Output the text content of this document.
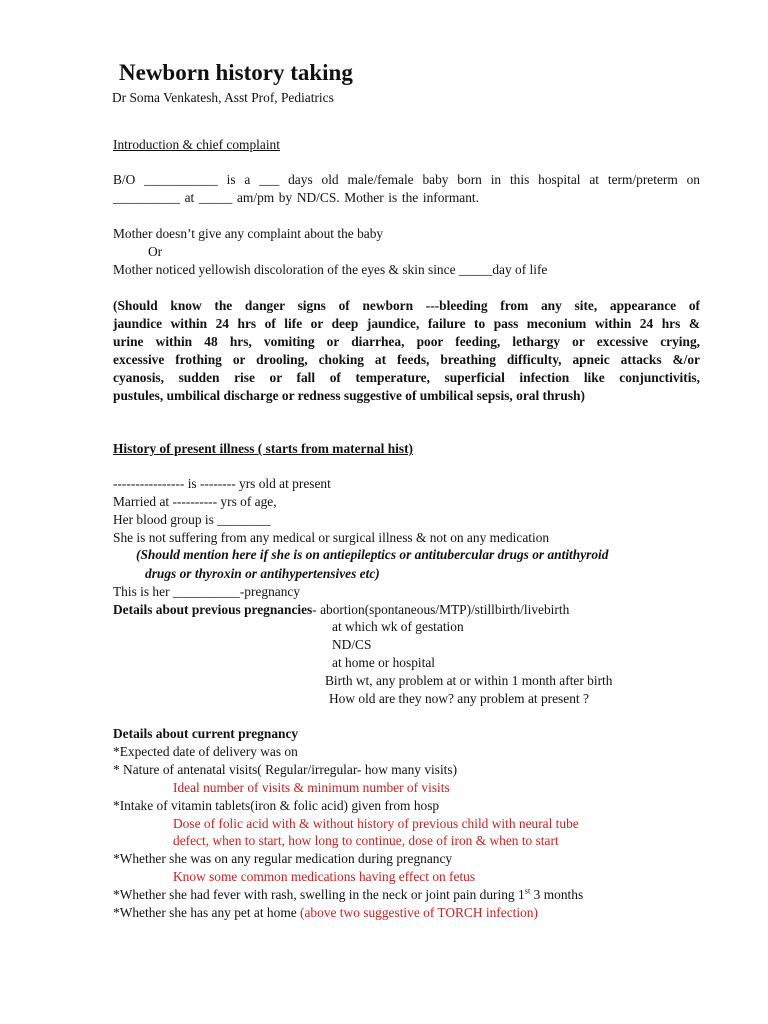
Newborn history taking
Dr Soma Venkatesh, Asst Prof, Pediatrics
Introduction & chief complaint
B/O ___________ is a ___ days old male/female baby born in this hospital at term/preterm on
__________ at _____ am/pm by ND/CS. Mother is the informant.
Mother doesn’t give any complaint about the baby
Or
Mother noticed yellowish discoloration of the eyes & skin since _____day of life
(Should know the danger signs of newborn ---bleeding from any site, appearance of
jaundice within 24 hrs of life or deep jaundice, failure to pass meconium within 24 hrs &
urine within 48 hrs, vomiting or diarrhea, poor feeding, lethargy or excessive crying,
excessive frothing or drooling, choking at feeds, breathing difficulty, apneic attacks &/or
cyanosis, sudden rise or fall of temperature, superficial infection like conjunctivitis,
pustules, umbilical discharge or redness suggestive of umbilical sepsis, oral thrush)
History of present illness ( starts from maternal hist)
---------------- is -------- yrs old at present
Married at ---------- yrs of age,
Her blood group is ________
She is not suffering from any medical or surgical illness & not on any medication
(Should mention here if she is on antiepileptics or antitubercular drugs or antithyroid
drugs or thyroxin or antihypertensives etc)
This is her __________-pregnancy
Details about previous pregnancies- abortion(spontaneous/MTP)/stillbirth/livebirth
at which wk of gestation
ND/CS
at home or hospital
Birth wt, any problem at or within 1 month after birth
How old are they now? any problem at present ?
Details about current pregnancy
*Expected date of delivery was on
* Nature of antenatal visits( Regular/irregular- how many visits)
Ideal number of visits & minimum number of visits
*Intake of vitamin tablets(iron & folic acid) given from hosp
Dose of folic acid with & without history of previous child with neural tube
defect, when to start, how long to continue, dose of iron & when to start
*Whether she was on any regular medication during pregnancy
Know some common medications having effect on fetus
*Whether she had fever with rash, swelling in the neck or joint pain during 1st 3 months
*Whether she has any pet at home (above two suggestive of TORCH infection)
